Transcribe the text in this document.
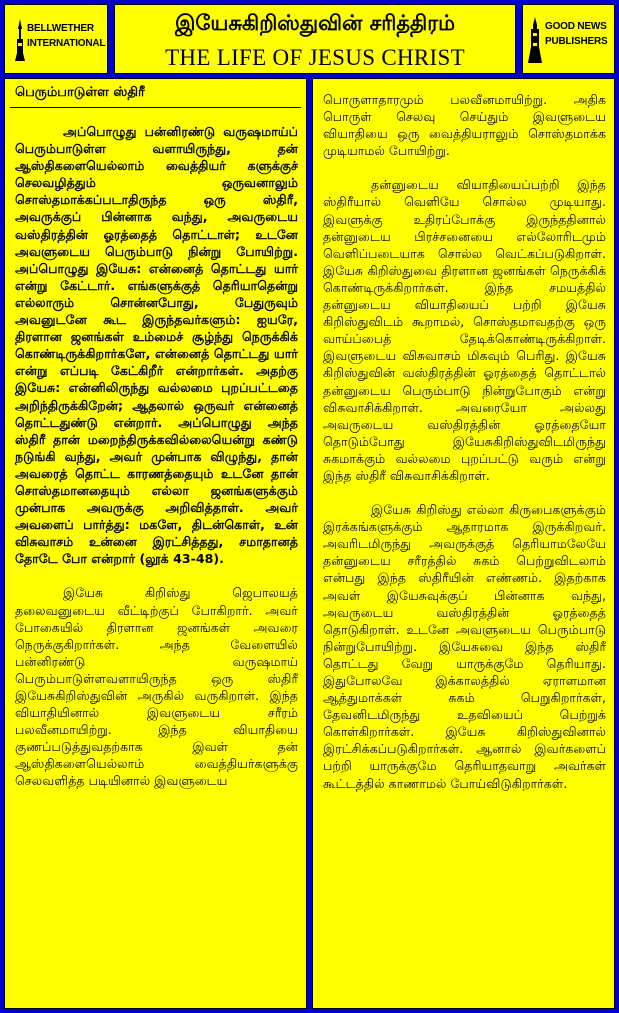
BELLWETHER
INTERNATIONAL
இயேசுகிறிஸ்துவின் சரித்திரம்
THE LIFE OF JESUS CHRIST
GOOD NEWS
PUBLISHERS
பெரும்பாடுள்ள ஸ்திரீ

அப்பொழுது பன்னிரண்டு வருஷமாய்ப் பெரும்பாடுள்ள வளாயிருந்து, தன் ஆஸ்திகளையெல்லாம் வைத்தியர் களுக்குச் செலவழித்தும் ஒருவனாலும் சொஸ்தமாக்கப்படாதிருந்த ஒரு ஸ்திரீ, அவருக்குப் பின்னாக வந்து, அவருடைய வஸ்திரத்தின் ஓரத்தைத் தொட்டாள்; உடனே அவளுடைய பெரும்பாடு நின்று போயிற்று. அப்பொழுது இயேசு: என்னைத் தொட்டது யார் என்று கேட்டார். எங்களுக்குத் தெரியாதென்று எல்லாரும் சொன்னபோது, பேதுருவும் அவனுடனே கூட இருந்தவர்களும்: ஐயரே, திரளான ஜனங்கள் உம்மைச் சூழ்ந்து நெருக்கிக் கொண்டிருக்கிறார்களே, என்னைத் தொட்டது யார் என்று எப்படி கேட்கிறீர் என்றார்கள். அதற்கு இயேசு: என்னிலிருந்து வல்லமை புறப்பட்டதை அறிந்திருக்கிறேன்; ஆதலால் ஒருவர் என்னைத் தொட்டதுண்டு என்றார். அப்பொழுது அந்த ஸ்திரீ தான் மறைந்திருக்கவில்லையென்று கண்டு நடுங்கி வந்து, அவர் முன்பாக விழுந்து, தான் அவரைத் தொட்ட காரணத்தையும் உடனே தான் சொஸ்தமானதையும் எல்லா ஜனங்களுக்கும் முன்பாக அவருக்கு அறிவித்தாள். அவர் அவளைப் பார்த்து: மகளே, திடன்கொள், உன் விசுவாசம் உன்னை இரட்சித்தது, சமாதானத் தோடே போ என்றார் (லூக் 43-48).

இயேசு கிறிஸ்து ஜெபாலயத் தலைவனுடைய வீட்டிற்குப் போகிறார். அவர் போகையில் திரளான ஜனங்கள் அவரை நெருக்குகிறார்கள். அந்த வேளையில் பன்னிரண்டு வருஷமாய் பெரும்பாடுள்ளவளாயிருந்த ஒரு ஸ்திரீ இயேசுகிறிஸ்துவின் அருகில் வருகிறாள். இந்த வியாதியினால் இவளுடைய சரீரம் பலவீனமாயிற்று. இந்த வியாதியை குணப்படுத்துவதற்காக இவள் தன் ஆஸ்திகளையெல்லாம் வைத்தியர்களுக்கு செலவளித்த படியினால் இவளுடைய

பொருளாதாரமும் பலவீனமாயிற்று. அதிக பொருள் செலவு செய்தும் இவளுடைய வியாதியை ஒரு வைத்தியராலும் சொஸ்தமாக்க முடியாமல் போயிற்று.

தன்னுடைய வியாதியைப்பற்றி இந்த ஸ்திரீயால் வெளியே சொல்ல முடியாது. இவளுக்கு உதிரப்போக்கு இருந்ததினால் தன்னுடைய பிரச்சனையை எல்லோரிடமும் வெளிப்படையாக சொல்ல வெட்கப்படுகிறாள். இயேசு கிறிஸ்துவை திரளான ஜனங்கள் நெருக்கிக் கொண்டிருக்கிறார்கள். இந்த சமயத்தில் தன்னுடைய வியாதியைப் பற்றி இயேசு கிறிஸ்துவிடம் கூறாமல், சொஸ்தமாவதற்கு ஒரு வாய்ப்பைத் தேடிக்கொண்டிருக்கிறாள். இவளுடைய விசுவாசம் மிகவும் பெரிது. இயேசு கிறிஸ்துவின் வஸ்திரத்தின் ஓரத்தைத் தொட்டால் தன்னுடைய பெரும்பாடு நின்றுபோகும் என்று விசுவாசிக்கிறாள். அவரையோ அல்லது அவருடைய வஸ்திரத்தின் ஓரத்தையோ தொடும்போது இயேசுகிறிஸ்துவிடமிருந்து சுகமாக்கும் வல்லமை புறப்பட்டு வரும் என்று இந்த ஸ்திரீ விசுவாசிக்கிறாள்.

இயேசு கிறிஸ்து எல்லா கிருபைகளுக்கும் இரக்கங்களுக்கும் ஆதாரமாக இருக்கிறவர். அவரிடமிருந்து அவருக்குத் தெரியாமலேயே தன்னுடைய சரீரத்தில் சுகம் பெற்றுவிடலாம் என்பது இந்த ஸ்திரீயின் எண்ணம். இதற்காக அவள் இயேசுவுக்குப் பின்னாக வந்து, அவருடைய வஸ்திரத்தின் ஓரத்தைத் தொடுகிறாள். உடனே அவளுடைய பெரும்பாடு நின்றுபோயிற்று. இயேசுவை இந்த ஸ்திரீ தொட்டது வேறு யாருக்குமே தெரியாது. இதுபோலவே இக்காலத்தில் ஏராளமான ஆத்துமாக்கள் சுகம் பெறுகிறார்கள், தேவனிடமிருந்து உதவியைப் பெற்றுக் கொள்கிறார்கள். இயேசு கிறிஸ்துவினால் இரட்சிக்கப்படுகிறார்கள். ஆனால் இவர்களைப் பற்றி யாருக்குமே தெரியாதவாறு அவர்கள் கூட்டத்தில் காணாமல் போய்விடுகிறார்கள்.
